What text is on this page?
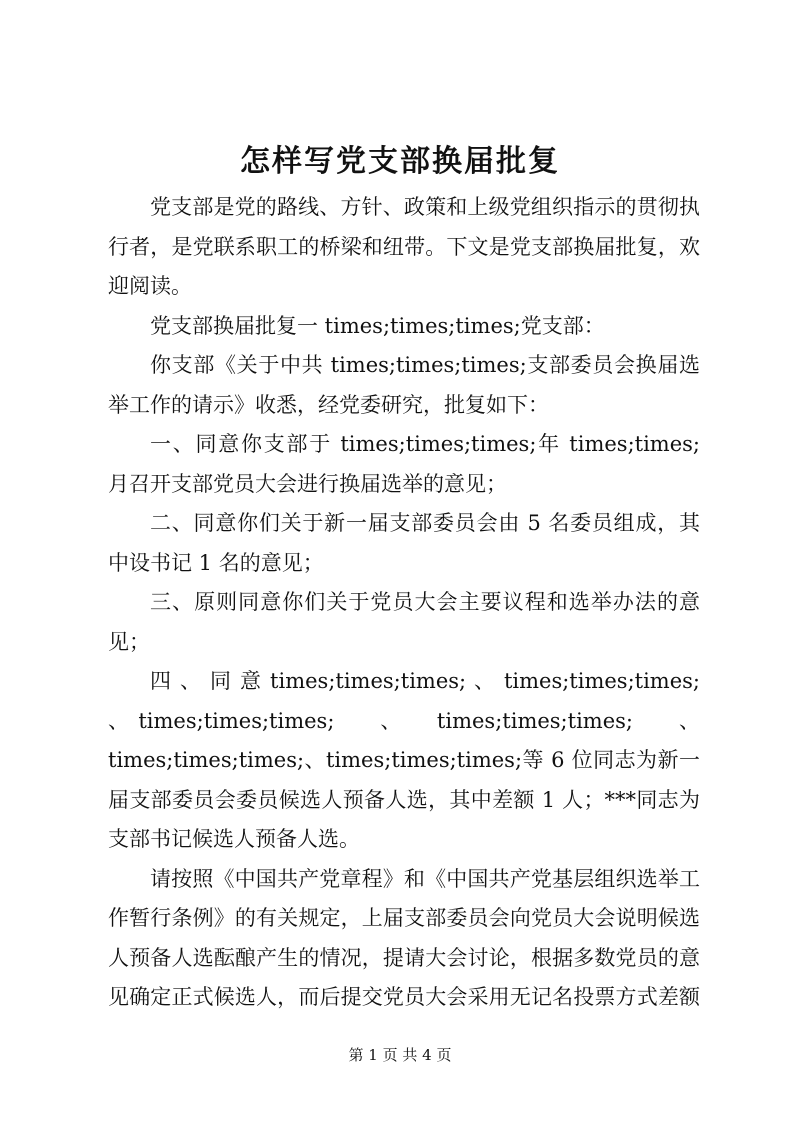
怎样写党支部换届批复

党支部是党的路线、方针、政策和上级党组织指示的贯彻执行者，是党联系职工的桥梁和纽带。下文是党支部换届批复，欢迎阅读。

党支部换届批复一 times;times;times;党支部：

你支部《关于中共 times;times;times;支部委员会换届选举工作的请示》收悉，经党委研究，批复如下：

一、同意你支部于 times;times;times;年 times;times;月召开支部党员大会进行换届选举的意见；

二、同意你们关于新一届支部委员会由 5 名委员组成，其中设书记 1 名的意见；

三、原则同意你们关于党员大会主要议程和选举办法的意见；

四 、 同 意 times;times;times; 、 times;times;times; 、 times;times;times;　　、　　times;times;times;　　、 times;times;times;、times;times;times;等 6 位同志为新一届支部委员会委员候选人预备人选，其中差额 1 人；***同志为支部书记候选人预备人选。

请按照《中国共产党章程》和《中国共产党基层组织选举工作暂行条例》的有关规定，上届支部委员会向党员大会说明候选人预备人选酝酿产生的情况，提请大会讨论，根据多数党员的意见确定正式候选人，而后提交党员大会采用无记名投票方式差额

第 1 页 共 4 页
